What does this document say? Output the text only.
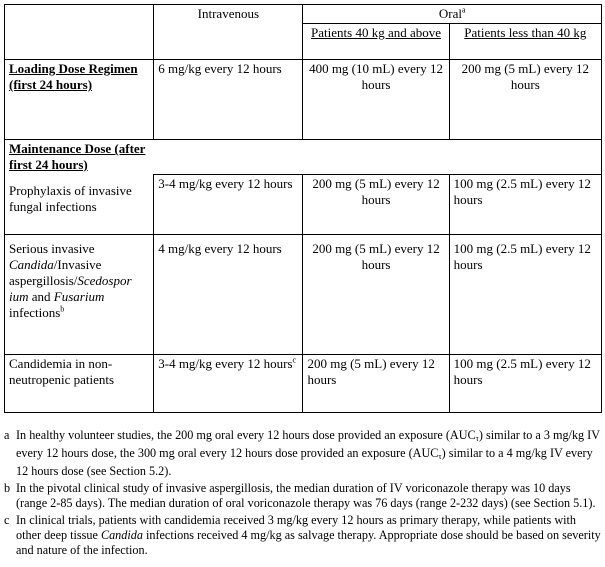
	Intravenous	Oral$^a$
		Patients 40 kg and above	Patients less than 40 kg
Loading Dose Regimen (first 24 hours)	6 mg/kg every 12 hours	400 mg (10 mL) every 12 hours	200 mg (5 mL) every 12 hours
Maintenance Dose (after first 24 hours)			
Prophylaxis of invasive fungal infections	3-4 mg/kg every 12 hours	200 mg (5 mL) every 12 hours	100 mg (2.5 mL) every 12 hours
Serious invasive Candida/Invasive aspergillosis/Scedospor ium and Fusarium infections$^b$	4 mg/kg every 12 hours	200 mg (5 mL) every 12 hours	100 mg (2.5 mL) every 12 hours
Candidemia in non-neutropenic patients	3-4 mg/kg every 12 hours$^c$	200 mg (5 mL) every 12 hours	100 mg (2.5 mL) every 12 hours
a In healthy volunteer studies, the 200 mg oral every 12 hours dose provided an exposure (AUCτ) similar to a 3 mg/kg IV every 12 hours dose, the 300 mg oral every 12 hours dose provided an exposure (AUCτ) similar to a 4 mg/kg IV every 12 hours dose (see Section 5.2).
b In the pivotal clinical study of invasive aspergillosis, the median duration of IV voriconazole therapy was 10 days (range 2-85 days). The median duration of oral voriconazole therapy was 76 days (range 2-232 days) (see Section 5.1).
c In clinical trials, patients with candidemia received 3 mg/kg every 12 hours as primary therapy, while patients with other deep tissue Candida infections received 4 mg/kg as salvage therapy. Appropriate dose should be based on severity and nature of the infection.
